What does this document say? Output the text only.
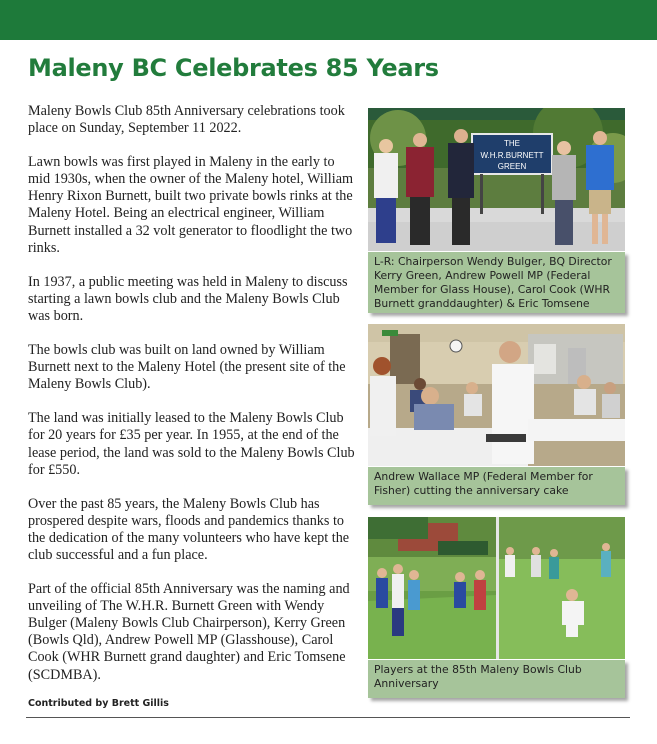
Maleny BC Celebrates 85 Years

Maleny Bowls Club 85th Anniversary celebrations took place on Sunday, September 11 2022.

Lawn bowls was first played in Maleny in the early to mid 1930s, when the owner of the Maleny hotel, William Henry Rixon Burnett, built two private bowls rinks at the Maleny Hotel. Being an electrical engineer, William Burnett installed a 32 volt generator to floodlight the two rinks.

In 1937, a public meeting was held in Maleny to discuss starting a lawn bowls club and the Maleny Bowls Club was born.

The bowls club was built on land owned by William Burnett next to the Maleny Hotel (the present site of the Maleny Bowls Club).

The land was initially leased to the Maleny Bowls Club for 20 years for £35 per year. In 1955, at the end of the lease period, the land was sold to the Maleny Bowls Club for £550.

Over the past 85 years, the Maleny Bowls Club has prospered despite wars, floods and pandemics thanks to the dedication of the many volunteers who have kept the club successful and a fun place.

Part of the official 85th Anniversary was the naming and unveiling of The W.H.R. Burnett Green with Wendy Bulger (Maleny Bowls Club Chairperson), Kerry Green (Bowls Qld), Andrew Powell MP (Glasshouse), Carol Cook (WHR Burnett grand daughter) and Eric Tomsene (SCDMBA).

Contributed by Brett Gillis

THE
W.H.R.BURNETT
GREEN
L-R: Chairperson Wendy Bulger, BQ Director Kerry Green, Andrew Powell MP (Federal Member for Glass House), Carol Cook (WHR Burnett granddaughter) & Eric Tomsene
Andrew Wallace MP (Federal Member for Fisher) cutting the anniversary cake
Players at the 85th Maleny Bowls Club Anniversary
